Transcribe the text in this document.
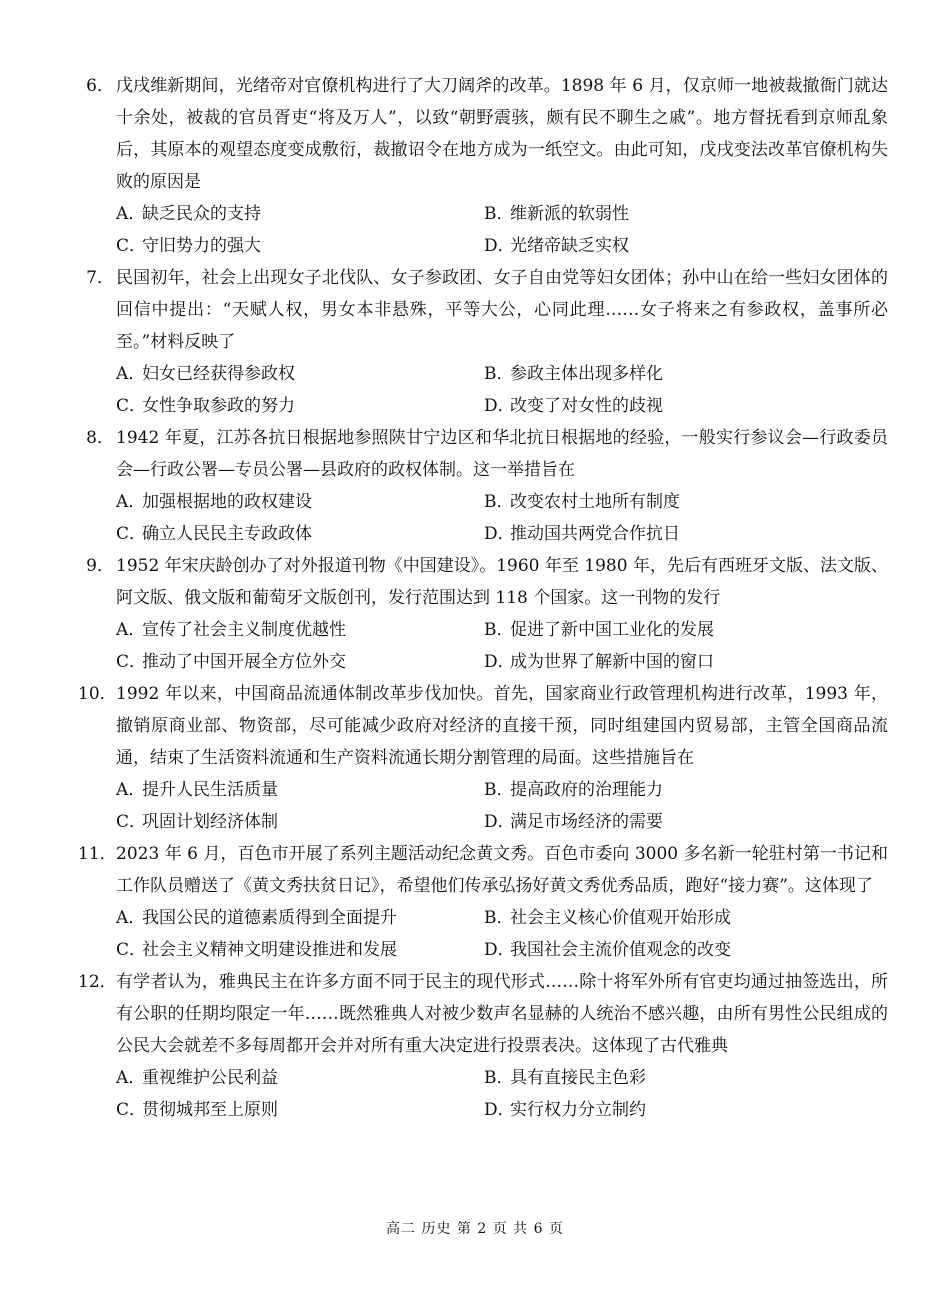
6． 戊戌维新期间，光绪帝对官僚机构进行了大刀阔斧的改革。1898 年 6 月，仅京师一地被裁撤衙门就达十余处，被裁的官员胥吏“将及万人”，以致“朝野震骇，颇有民不聊生之戚”。地方督抚看到京师乱象后，其原本的观望态度变成敷衍，裁撤诏令在地方成为一纸空文。由此可知，戊戌变法改革官僚机构失败的原因是
A．缺乏民众的支持	B．维新派的软弱性
C．守旧势力的强大	D．光绪帝缺乏实权
7． 民国初年，社会上出现女子北伐队、女子参政团、女子自由党等妇女团体；孙中山在给一些妇女团体的回信中提出：“天赋人权，男女本非悬殊，平等大公，心同此理……女子将来之有参政权，盖事所必至。”材料反映了
A．妇女已经获得参政权	B．参政主体出现多样化
C．女性争取参政的努力	D．改变了对女性的歧视
8． 1942 年夏，江苏各抗日根据地参照陕甘宁边区和华北抗日根据地的经验，一般实行参议会—行政委员会—行政公署—专员公署—县政府的政权体制。这一举措旨在
A．加强根据地的政权建设	B．改变农村土地所有制度
C．确立人民民主专政政体	D．推动国共两党合作抗日
9． 1952 年宋庆龄创办了对外报道刊物《中国建设》。1960 年至 1980 年，先后有西班牙文版、法文版、阿文版、俄文版和葡萄牙文版创刊，发行范围达到 118 个国家。这一刊物的发行
A．宣传了社会主义制度优越性	B．促进了新中国工业化的发展
C．推动了中国开展全方位外交	D．成为世界了解新中国的窗口
10． 1992 年以来，中国商品流通体制改革步伐加快。首先，国家商业行政管理机构进行改革，1993 年，撤销原商业部、物资部，尽可能减少政府对经济的直接干预，同时组建国内贸易部，主管全国商品流通，结束了生活资料流通和生产资料流通长期分割管理的局面。这些措施旨在
A．提升人民生活质量	B．提高政府的治理能力
C．巩固计划经济体制	D．满足市场经济的需要
11． 2023 年 6 月，百色市开展了系列主题活动纪念黄文秀。百色市委向 3000 多名新一轮驻村第一书记和工作队员赠送了《黄文秀扶贫日记》，希望他们传承弘扬好黄文秀优秀品质，跑好“接力赛”。这体现了
A．我国公民的道德素质得到全面提升	B．社会主义核心价值观开始形成
C．社会主义精神文明建设推进和发展	D．我国社会主流价值观念的改变
12． 有学者认为，雅典民主在许多方面不同于民主的现代形式……除十将军外所有官吏均通过抽签选出，所有公职的任期均限定一年……既然雅典人对被少数声名显赫的人统治不感兴趣，由所有男性公民组成的公民大会就差不多每周都开会并对所有重大决定进行投票表决。这体现了古代雅典
A．重视维护公民利益	B．具有直接民主色彩
C．贯彻城邦至上原则	D．实行权力分立制约
高二 历史 第 2 页 共 6 页
